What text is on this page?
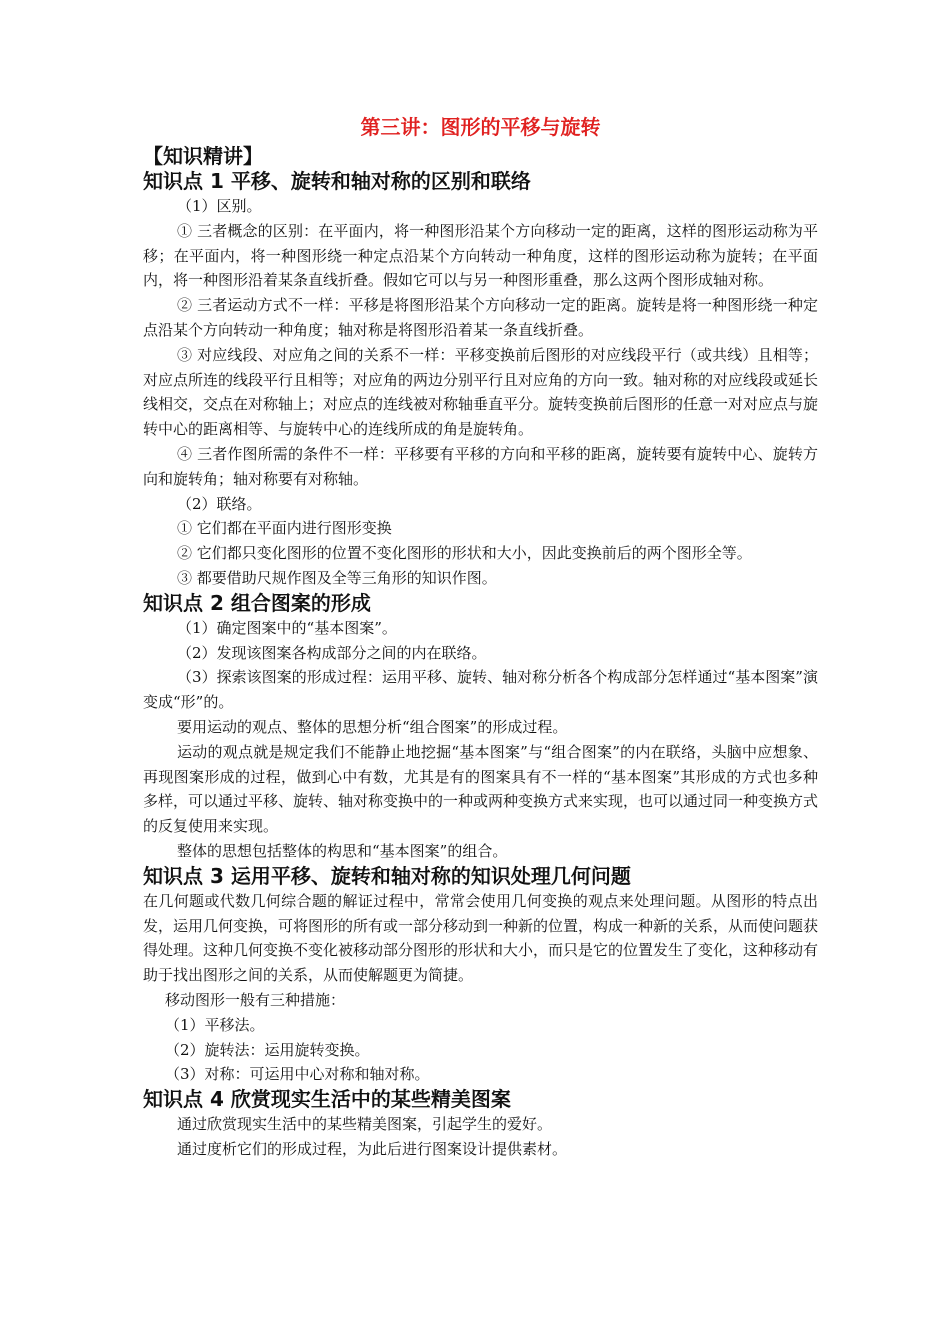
第三讲：图形的平移与旋转
【知识精讲】
知识点 1 平移、旋转和轴对称的区别和联络

（1）区别。

① 三者概念的区别：在平面内，将一种图形沿某个方向移动一定的距离，这样的图形运动称为平移；在平面内，将一种图形绕一种定点沿某个方向转动一种角度，这样的图形运动称为旋转；在平面内，将一种图形沿着某条直线折叠。假如它可以与另一种图形重叠，那么这两个图形成轴对称。

② 三者运动方式不一样：平移是将图形沿某个方向移动一定的距离。旋转是将一种图形绕一种定点沿某个方向转动一种角度；轴对称是将图形沿着某一条直线折叠。

③ 对应线段、对应角之间的关系不一样：平移变换前后图形的对应线段平行（或共线）且相等；对应点所连的线段平行且相等；对应角的两边分别平行且对应角的方向一致。轴对称的对应线段或延长线相交，交点在对称轴上；对应点的连线被对称轴垂直平分。旋转变换前后图形的任意一对对应点与旋转中心的距离相等、与旋转中心的连线所成的角是旋转角。

④ 三者作图所需的条件不一样：平移要有平移的方向和平移的距离，旋转要有旋转中心、旋转方向和旋转角；轴对称要有对称轴。

（2）联络。

① 它们都在平面内进行图形变换

② 它们都只变化图形的位置不变化图形的形状和大小，因此变换前后的两个图形全等。

③ 都要借助尺规作图及全等三角形的知识作图。

知识点 2 组合图案的形成

（1）确定图案中的“基本图案”。

（2）发现该图案各构成部分之间的内在联络。

（3）探索该图案的形成过程：运用平移、旋转、轴对称分析各个构成部分怎样通过“基本图案”演变成“形”的。

要用运动的观点、整体的思想分析“组合图案”的形成过程。

运动的观点就是规定我们不能静止地挖掘“基本图案”与“组合图案”的内在联络，头脑中应想象、再现图案形成的过程，做到心中有数，尤其是有的图案具有不一样的“基本图案”其形成的方式也多种多样，可以通过平移、旋转、轴对称变换中的一种或两种变换方式来实现，也可以通过同一种变换方式的反复使用来实现。

整体的思想包括整体的构思和“基本图案”的组合。

知识点 3 运用平移、旋转和轴对称的知识处理几何问题

在几何题或代数几何综合题的解证过程中，常常会使用几何变换的观点来处理问题。从图形的特点出发，运用几何变换，可将图形的所有或一部分移动到一种新的位置，构成一种新的关系，从而使问题获得处理。这种几何变换不变化被移动部分图形的形状和大小，而只是它的位置发生了变化，这种移动有助于找出图形之间的关系，从而使解题更为简捷。

移动图形一般有三种措施：

（1）平移法。

（2）旋转法：运用旋转变换。

（3）对称：可运用中心对称和轴对称。

知识点 4 欣赏现实生活中的某些精美图案

通过欣赏现实生活中的某些精美图案，引起学生的爱好。

通过度析它们的形成过程，为此后进行图案设计提供素材。
